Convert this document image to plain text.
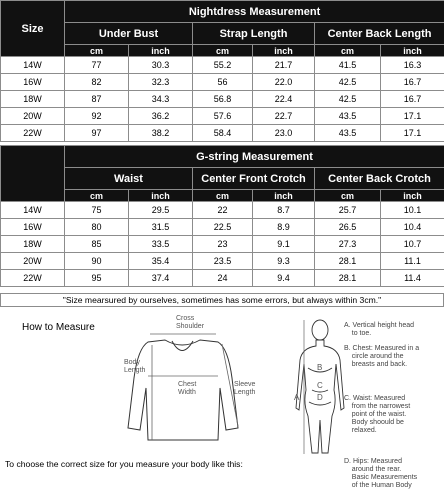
Size	Nightdress Measurement					
	Under Bust		Strap Length		Center Back Length	
	cm	inch	cm	inch	cm	inch
14W	77	30.3	55.2	21.7	41.5	16.3
16W	82	32.3	56	22.0	42.5	16.7
18W	87	34.3	56.8	22.4	42.5	16.7
20W	92	36.2	57.6	22.7	43.5	17.1
22W	97	38.2	58.4	23.0	43.5	17.1
	G-string Measurement					
	Waist		Center Front Crotch		Center Back Crotch	
	cm	inch	cm	inch	cm	inch
14W	75	29.5	22	8.7	25.7	10.1
16W	80	31.5	22.5	8.9	26.5	10.4
18W	85	33.5	23	9.1	27.3	10.7
20W	90	35.4	23.5	9.3	28.1	11.1
22W	95	37.4	24	9.4	28.1	11.4
"Size mearsured by ourselves, sometimes has some errors, but always within 3cm."
How to Measure
Cross Shoulder
Body Length
Chest Width
Sleeve Length
A
B
C
D
A. Vertical height head
to toe.
B. Chest: Measured in a
circle around the
breasts and back.
C. Waist: Measured
from the narrowest
point of the waist.
Body shoould be
relaxed.
D. Hips: Measured
around the rear.
Basic Measurements
of the Human Body
To choose the correct size for you measure your body like this:
